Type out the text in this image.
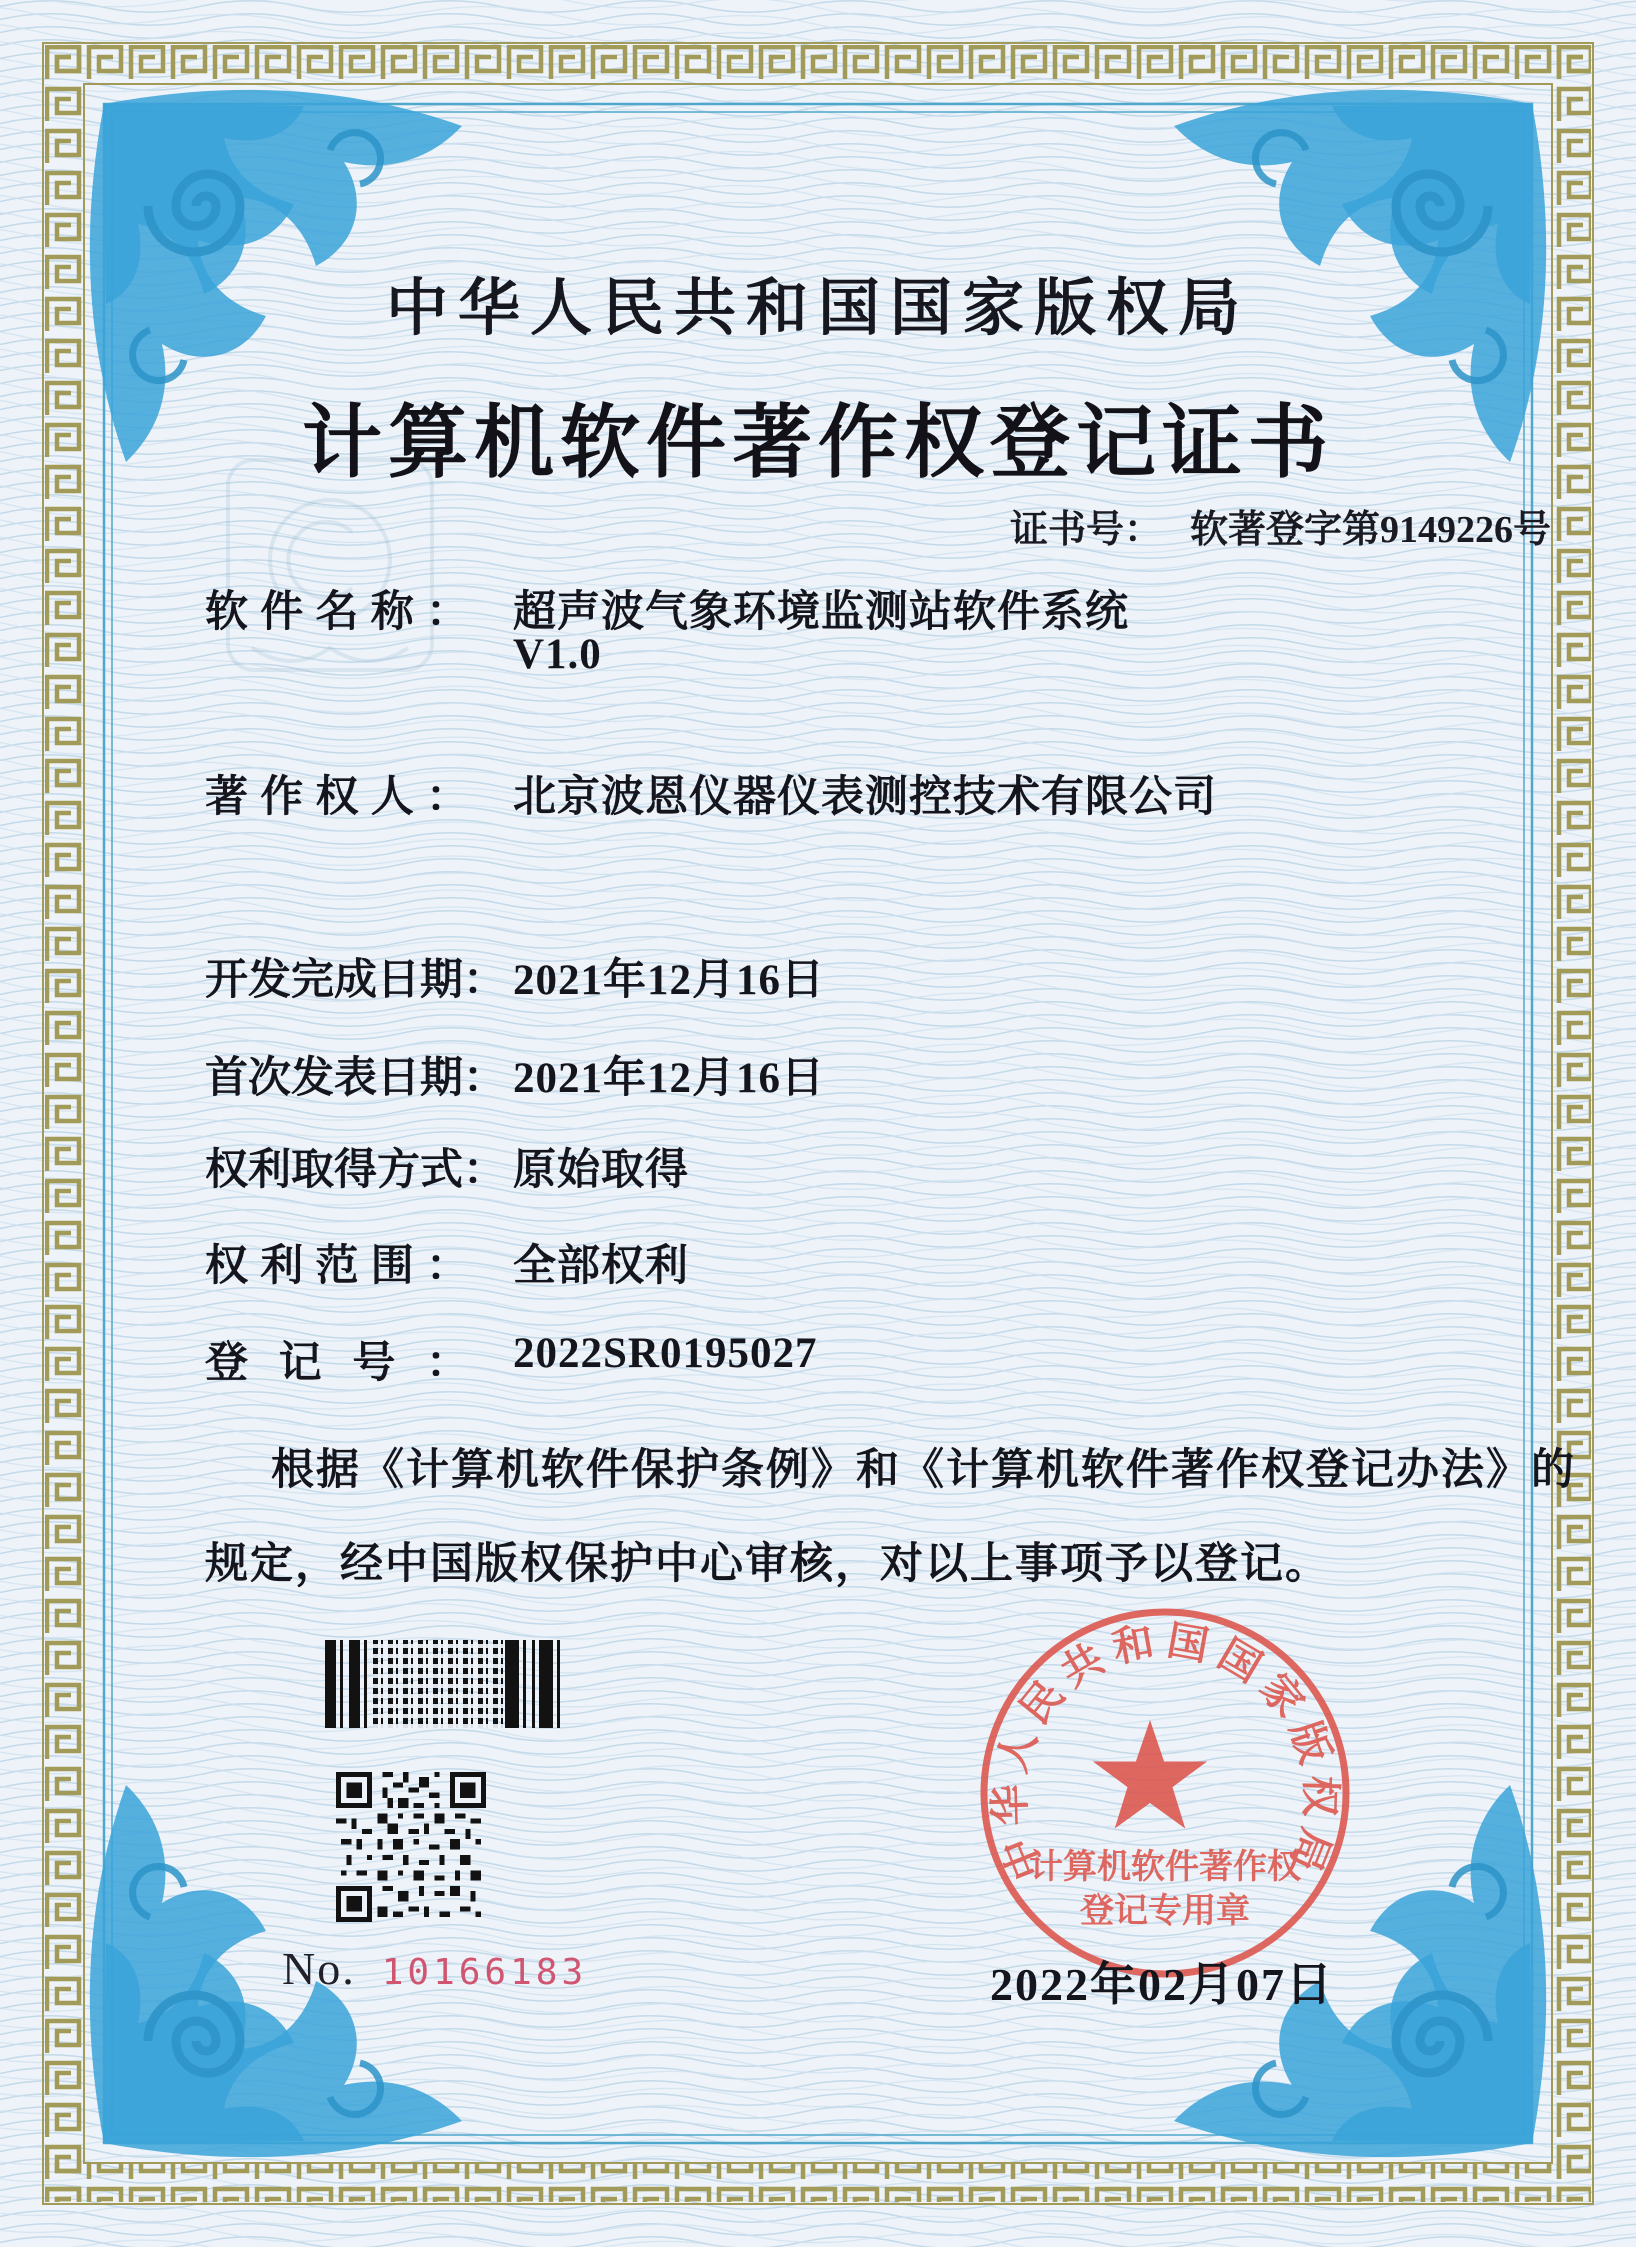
中华人民共和国国家版权局
计算机软件著作权登记证书
证书号： 软著登字第9149226号
软件名称： 超声波气象环境监测站软件系统
V1.0
著作权人： 北京波恩仪器仪表测控技术有限公司
开发完成日期： 2021年12月16日
首次发表日期： 2021年12月16日
权利取得方式： 原始取得
权利范围： 全部权利
登记号： 2022SR0195027
根据《计算机软件保护条例》和《计算机软件著作权登记办法》的
规定，经中国版权保护中心审核，对以上事项予以登记。
No. 10166183
中华人民共和国国家版权局
计算机软件著作权
登记专用章
2022年02月07日
